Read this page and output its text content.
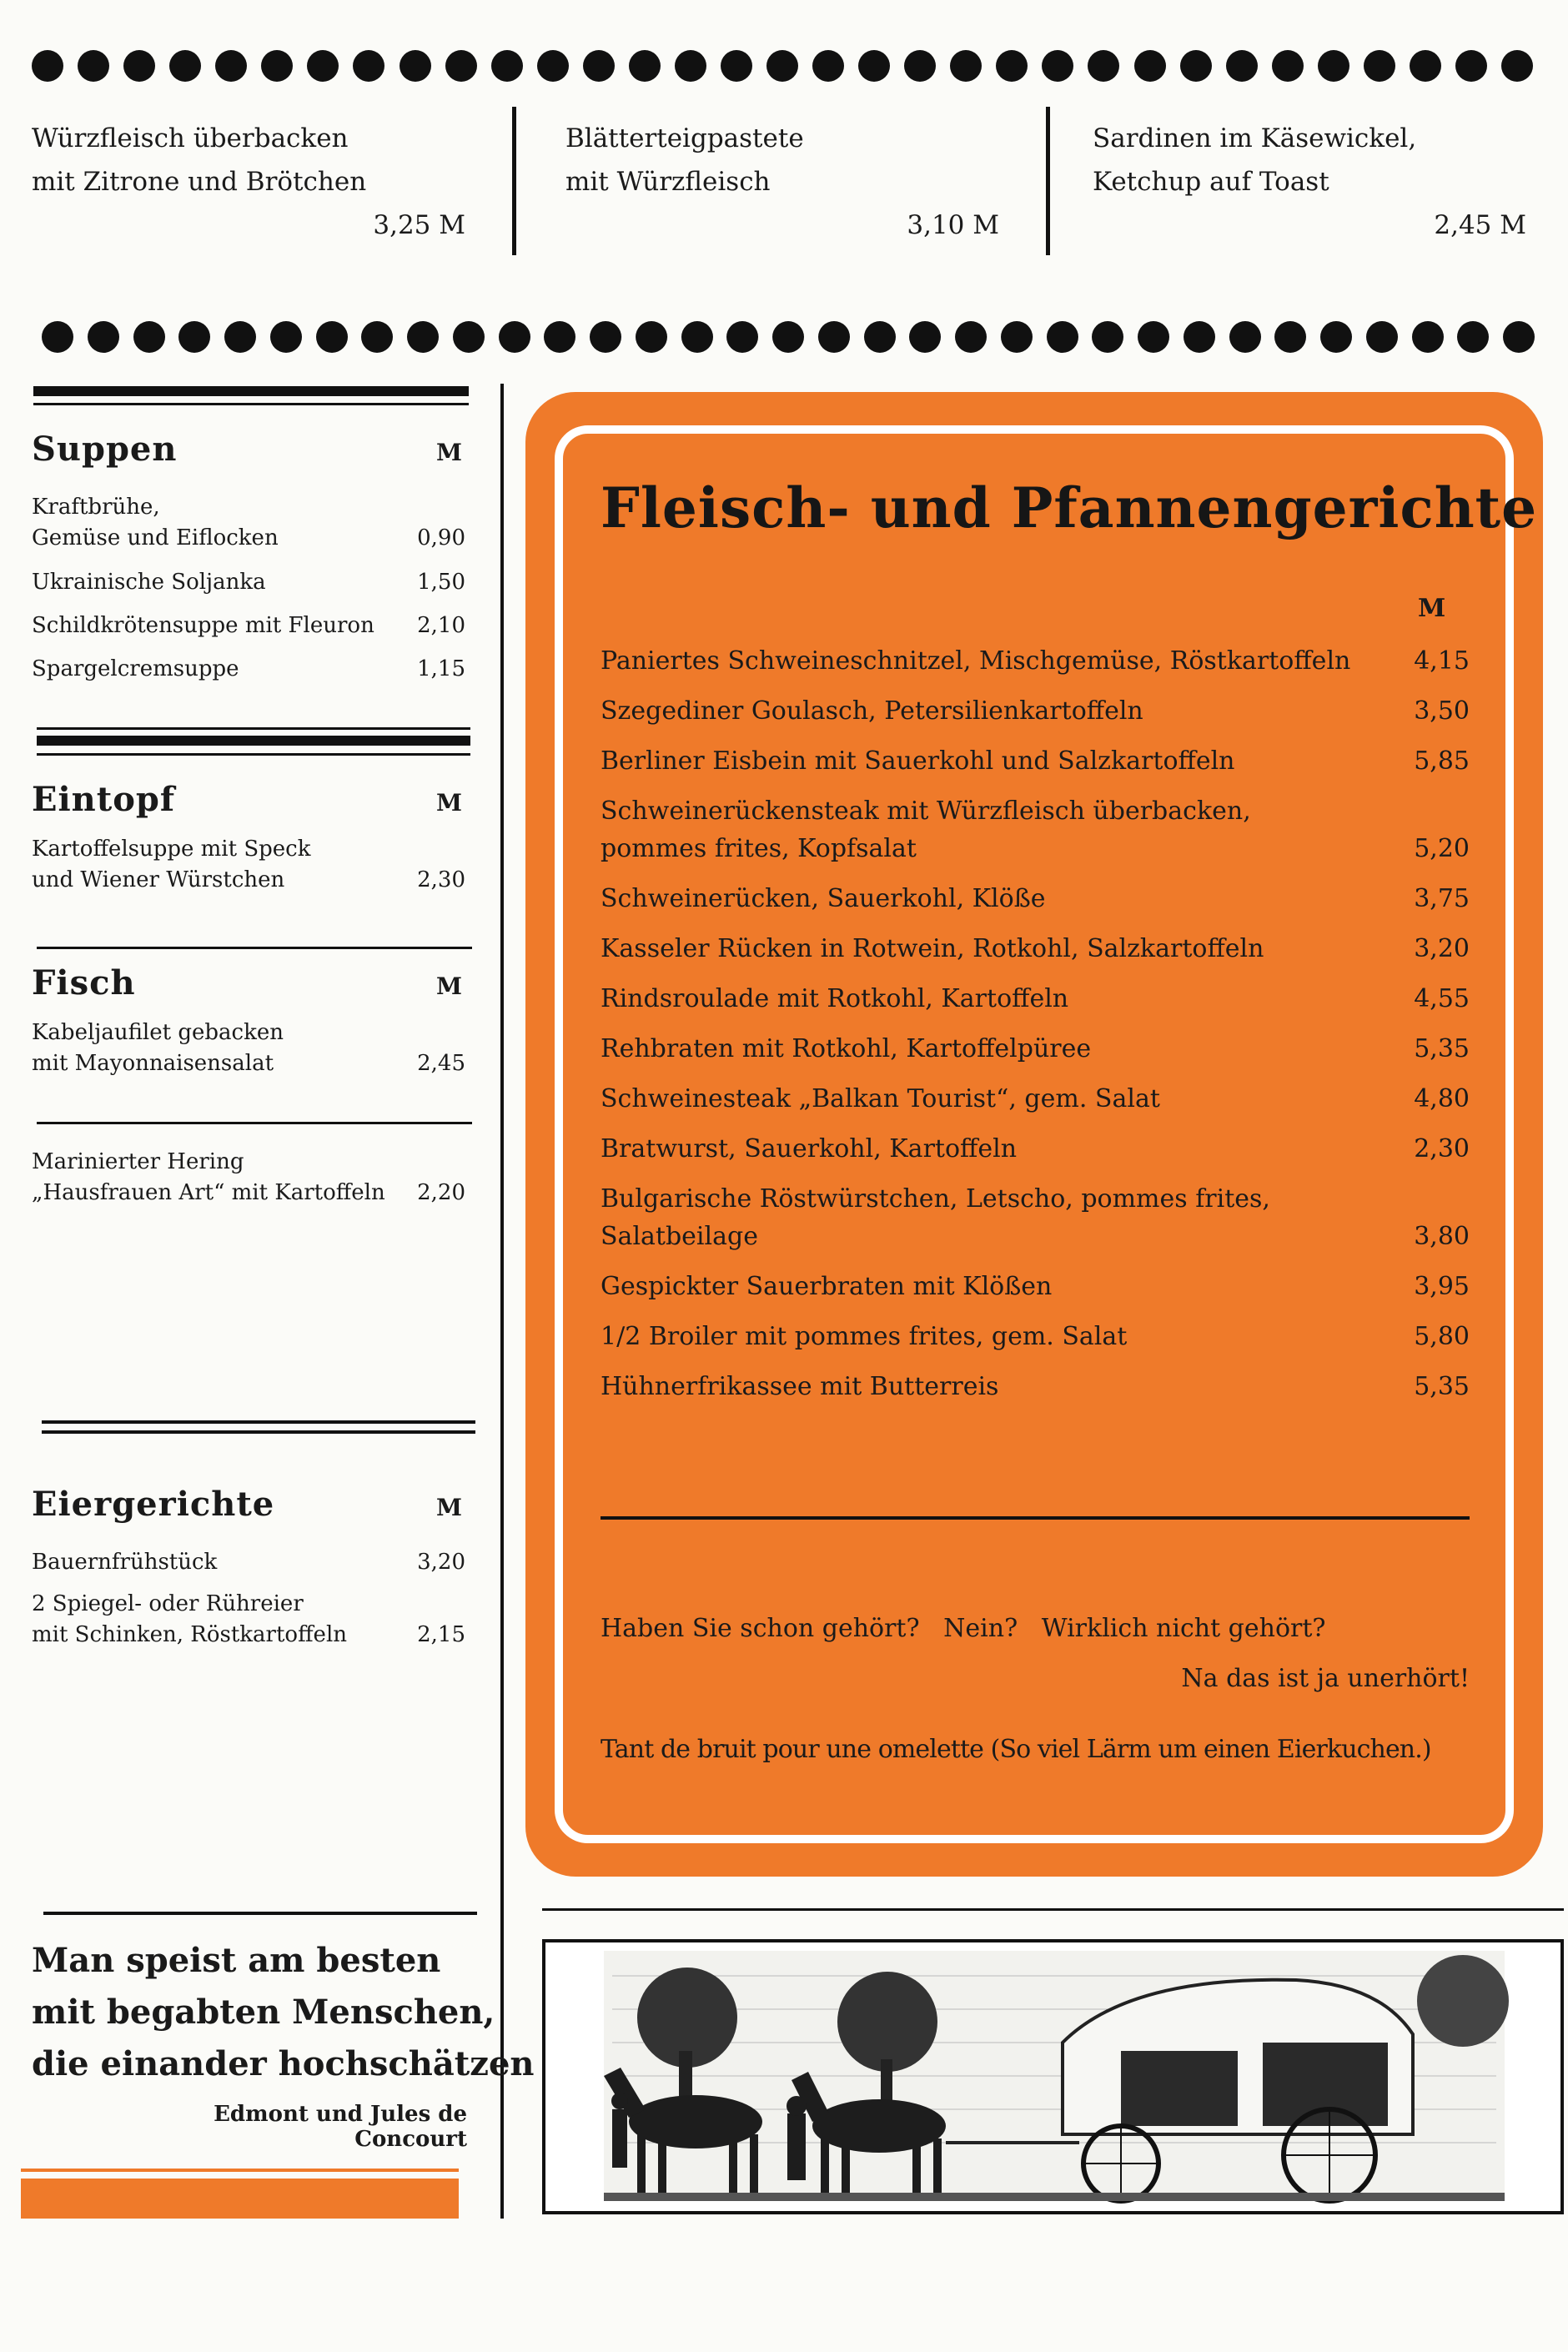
Würzfleisch überbacken
mit Zitrone und Brötchen
3,25 M
Blätterteigpastete
mit Würzfleisch
3,10 M
Sardinen im Käsewickel,
Ketchup auf Toast
2,45 M
Suppen	M
Kraftbrühe,
Gemüse und Eiflocken	0,90
Ukrainische Soljanka	1,50
Schildkrötensuppe mit Fleuron	2,10
Spargelcremsuppe	1,15
Eintopf	M
Kartoffelsuppe mit Speck
und Wiener Würstchen	2,30
Fisch	M
Kabeljaufilet gebacken
mit Mayonnaisensalat	2,45
Marinierter Hering
„Hausfrauen Art“ mit Kartoffeln	2,20
Eiergerichte	M
Bauernfrühstück	3,20
2 Spiegel- oder Rühreier
mit Schinken, Röstkartoffeln	2,15
Fleisch- und Pfannengerichte
M
Paniertes Schweineschnitzel, Mischgemüse, Röstkartoffeln	4,15
Szegediner Goulasch, Petersilienkartoffeln	3,50
Berliner Eisbein mit Sauerkohl und Salzkartoffeln	5,85
Schweinerückensteak mit Würzfleisch überbacken,
pommes frites, Kopfsalat	5,20
Schweinerücken, Sauerkohl, Klöße	3,75
Kasseler Rücken in Rotwein, Rotkohl, Salzkartoffeln	3,20
Rindsroulade mit Rotkohl, Kartoffeln	4,55
Rehbraten mit Rotkohl, Kartoffelpüree	5,35
Schweinesteak „Balkan Tourist“, gem. Salat	4,80
Bratwurst, Sauerkohl, Kartoffeln	2,30
Bulgarische Röstwürstchen, Letscho, pommes frites,
Salatbeilage	3,80
Gespickter Sauerbraten mit Klößen	3,95
1/2 Broiler mit pommes frites, gem. Salat	5,80
Hühnerfrikassee mit Butterreis	5,35
Haben Sie schon gehört?   Nein?   Wirklich nicht gehört?
Na das ist ja unerhört!
Tant de bruit pour une omelette (So viel Lärm um einen Eierkuchen.)
Man speist am besten
mit begabten Menschen,
die einander hochschätzen
Edmont und Jules de Concourt
